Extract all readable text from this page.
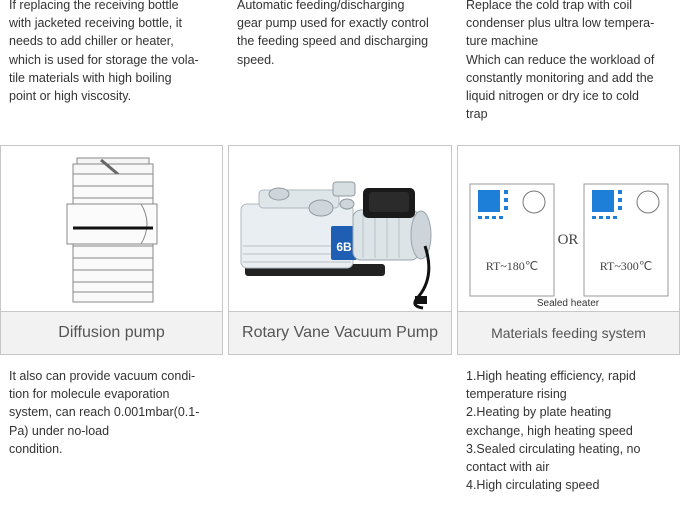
If replacing the receiving bottle
with jacketed receiving bottle, it
needs to add chiller or heater,
which is used for storage the vola-
tile materials with high boiling
point or high viscosity.
Automatic feeding/discharging
gear pump used for exactly control
the feeding speed and discharging
speed.
Replace the cold trap with coil
condenser plus ultra low tempera-
ture machine
Which can reduce the workload of
constantly monitoring and add the
liquid nitrogen or dry ice to cold
trap
Diffusion pump
6B
Rotary Vane Vacuum Pump
RT~180℃
OR
RT~300℃
Sealed heater
Materials feeding system
It also can provide vacuum condi-
tion for molecule evaporation
system, can reach 0.001mbar(0.1-
Pa) under no-load
condition.
1.High heating efficiency, rapid
temperature rising
2.Heating by plate heating
exchange, high heating speed
3.Sealed circulating heating, no
contact with air
4.High circulating speed
